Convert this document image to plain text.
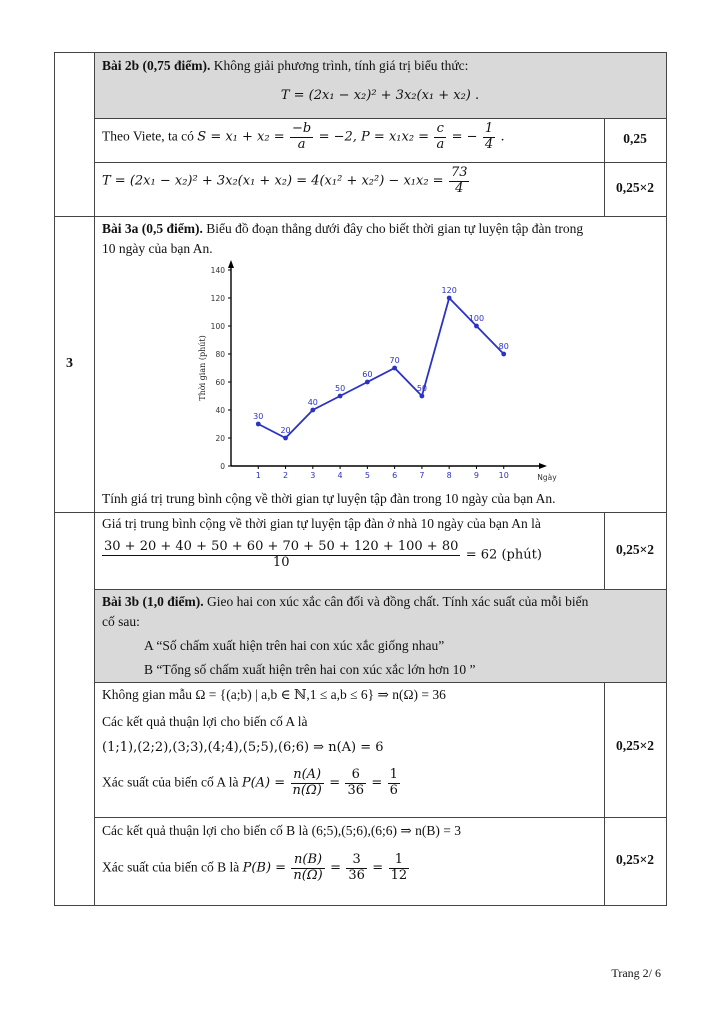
3
Bài 2b (0,75 điểm). Không giải phương trình, tính giá trị biểu thức:
T = (2x₁ − x₂)² + 3x₂(x₁ + x₂) .
Theo Viete, ta có $S = x_1 + x_2 = \frac{-b}{a} = -2$, $P = x_1x_2 = \frac{c}{a}$ = − $\frac{1}{4}$ .	0,25
$T = (2x_1 - x_2)^2 + 3x_2(x_1 + x_2) = 4(x_1^2 + x_2^2) - x_1x_2 = \frac{73}{4}$	0,25×2
Bài 3a (0,5 điểm). Biểu đồ đoạn thẳng dưới đây cho biết thời gian tự luyện tập đàn trong
10 ngày của bạn An.
0
20
40
60
80
100
120
140
1	2	3	4	5	6	7	8	9 10	Ngày
Thời gian (phút)
30
20
40
50
60
70
50
120
100
80
Tính giá trị trung bình cộng về thời gian tự luyện tập đàn trong 10 ngày của bạn An.
Giá trị trung bình cộng về thời gian tự luyện tập đàn ở nhà 10 ngày của bạn An là
$\frac{30 + 20 + 40 + 50 + 60 + 70 + 50 + 120 + 100 + 80}{10} = 62$ (phút)	0,25×2
Bài 3b (1,0 điểm). Gieo hai con xúc xắc cân đối và đồng chất. Tính xác suất của mỗi biến
cố sau:
A “Số chấm xuất hiện trên hai con xúc xắc giống nhau”
B “Tổng số chấm xuất hiện trên hai con xúc xắc lớn hơn 10 ”
Không gian mẫu Ω = {(a;b) | a,b ∈ ℕ,1 ≤ a,b ≤ 6} ⇒ n(Ω) = 36
Các kết quả thuận lợi cho biến cố A là
(1;1),(2;2),(3;3),(4;4),(5;5),(6;6) ⇒ n(A) = 6
Xác suất của biến cố A là $P(A) = \frac{n(A)}{n(\Omega)} = \frac{6}{36} = \frac{1}{6}$
0,25×2
Các kết quả thuận lợi cho biến cố B là (6;5),(5;6),(6;6) ⇒ n(B) = 3
Xác suất của biến cố B là $P(B) = \frac{n(B)}{n(\Omega)} = \frac{3}{36} = \frac{1}{12}$	0,25×2
Trang 2/ 6
